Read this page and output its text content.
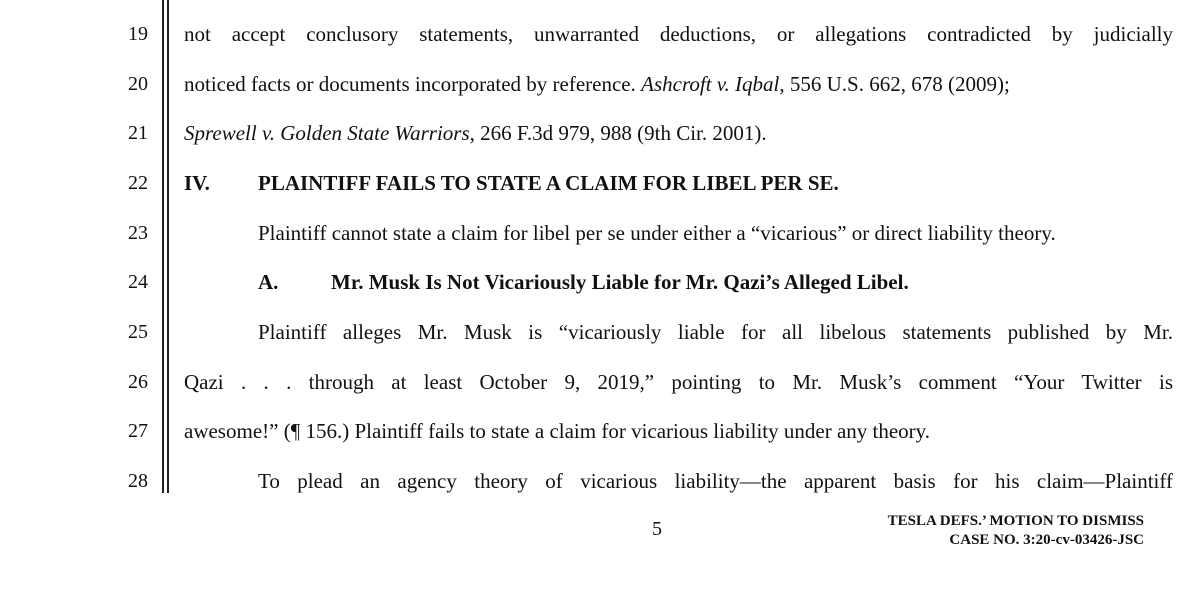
19
20
21
22
23
24
25
26
27
28
not accept conclusory statements, unwarranted deductions, or allegations contradicted by judicially
noticed facts or documents incorporated by reference. Ashcroft v. Iqbal, 556 U.S. 662, 678 (2009);
Sprewell v. Golden State Warriors, 266 F.3d 979, 988 (9th Cir. 2001).
IV. PLAINTIFF FAILS TO STATE A CLAIM FOR LIBEL PER SE.
Plaintiff cannot state a claim for libel per se under either a “vicarious” or direct liability theory.
A.	Mr. Musk Is Not Vicariously Liable for Mr. Qazi’s Alleged Libel.
Plaintiff alleges Mr. Musk is “vicariously liable for all libelous statements published by Mr.
Qazi . . . through at least October 9, 2019,” pointing to Mr. Musk’s comment “Your Twitter is
awesome!” (¶ 156.) Plaintiff fails to state a claim for vicarious liability under any theory.
To plead an agency theory of vicarious liability—the apparent basis for his claim—Plaintiff
5	TESLA DEFS.’ MOTION TO DISMISS
CASE NO. 3:20-cv-03426-JSC
